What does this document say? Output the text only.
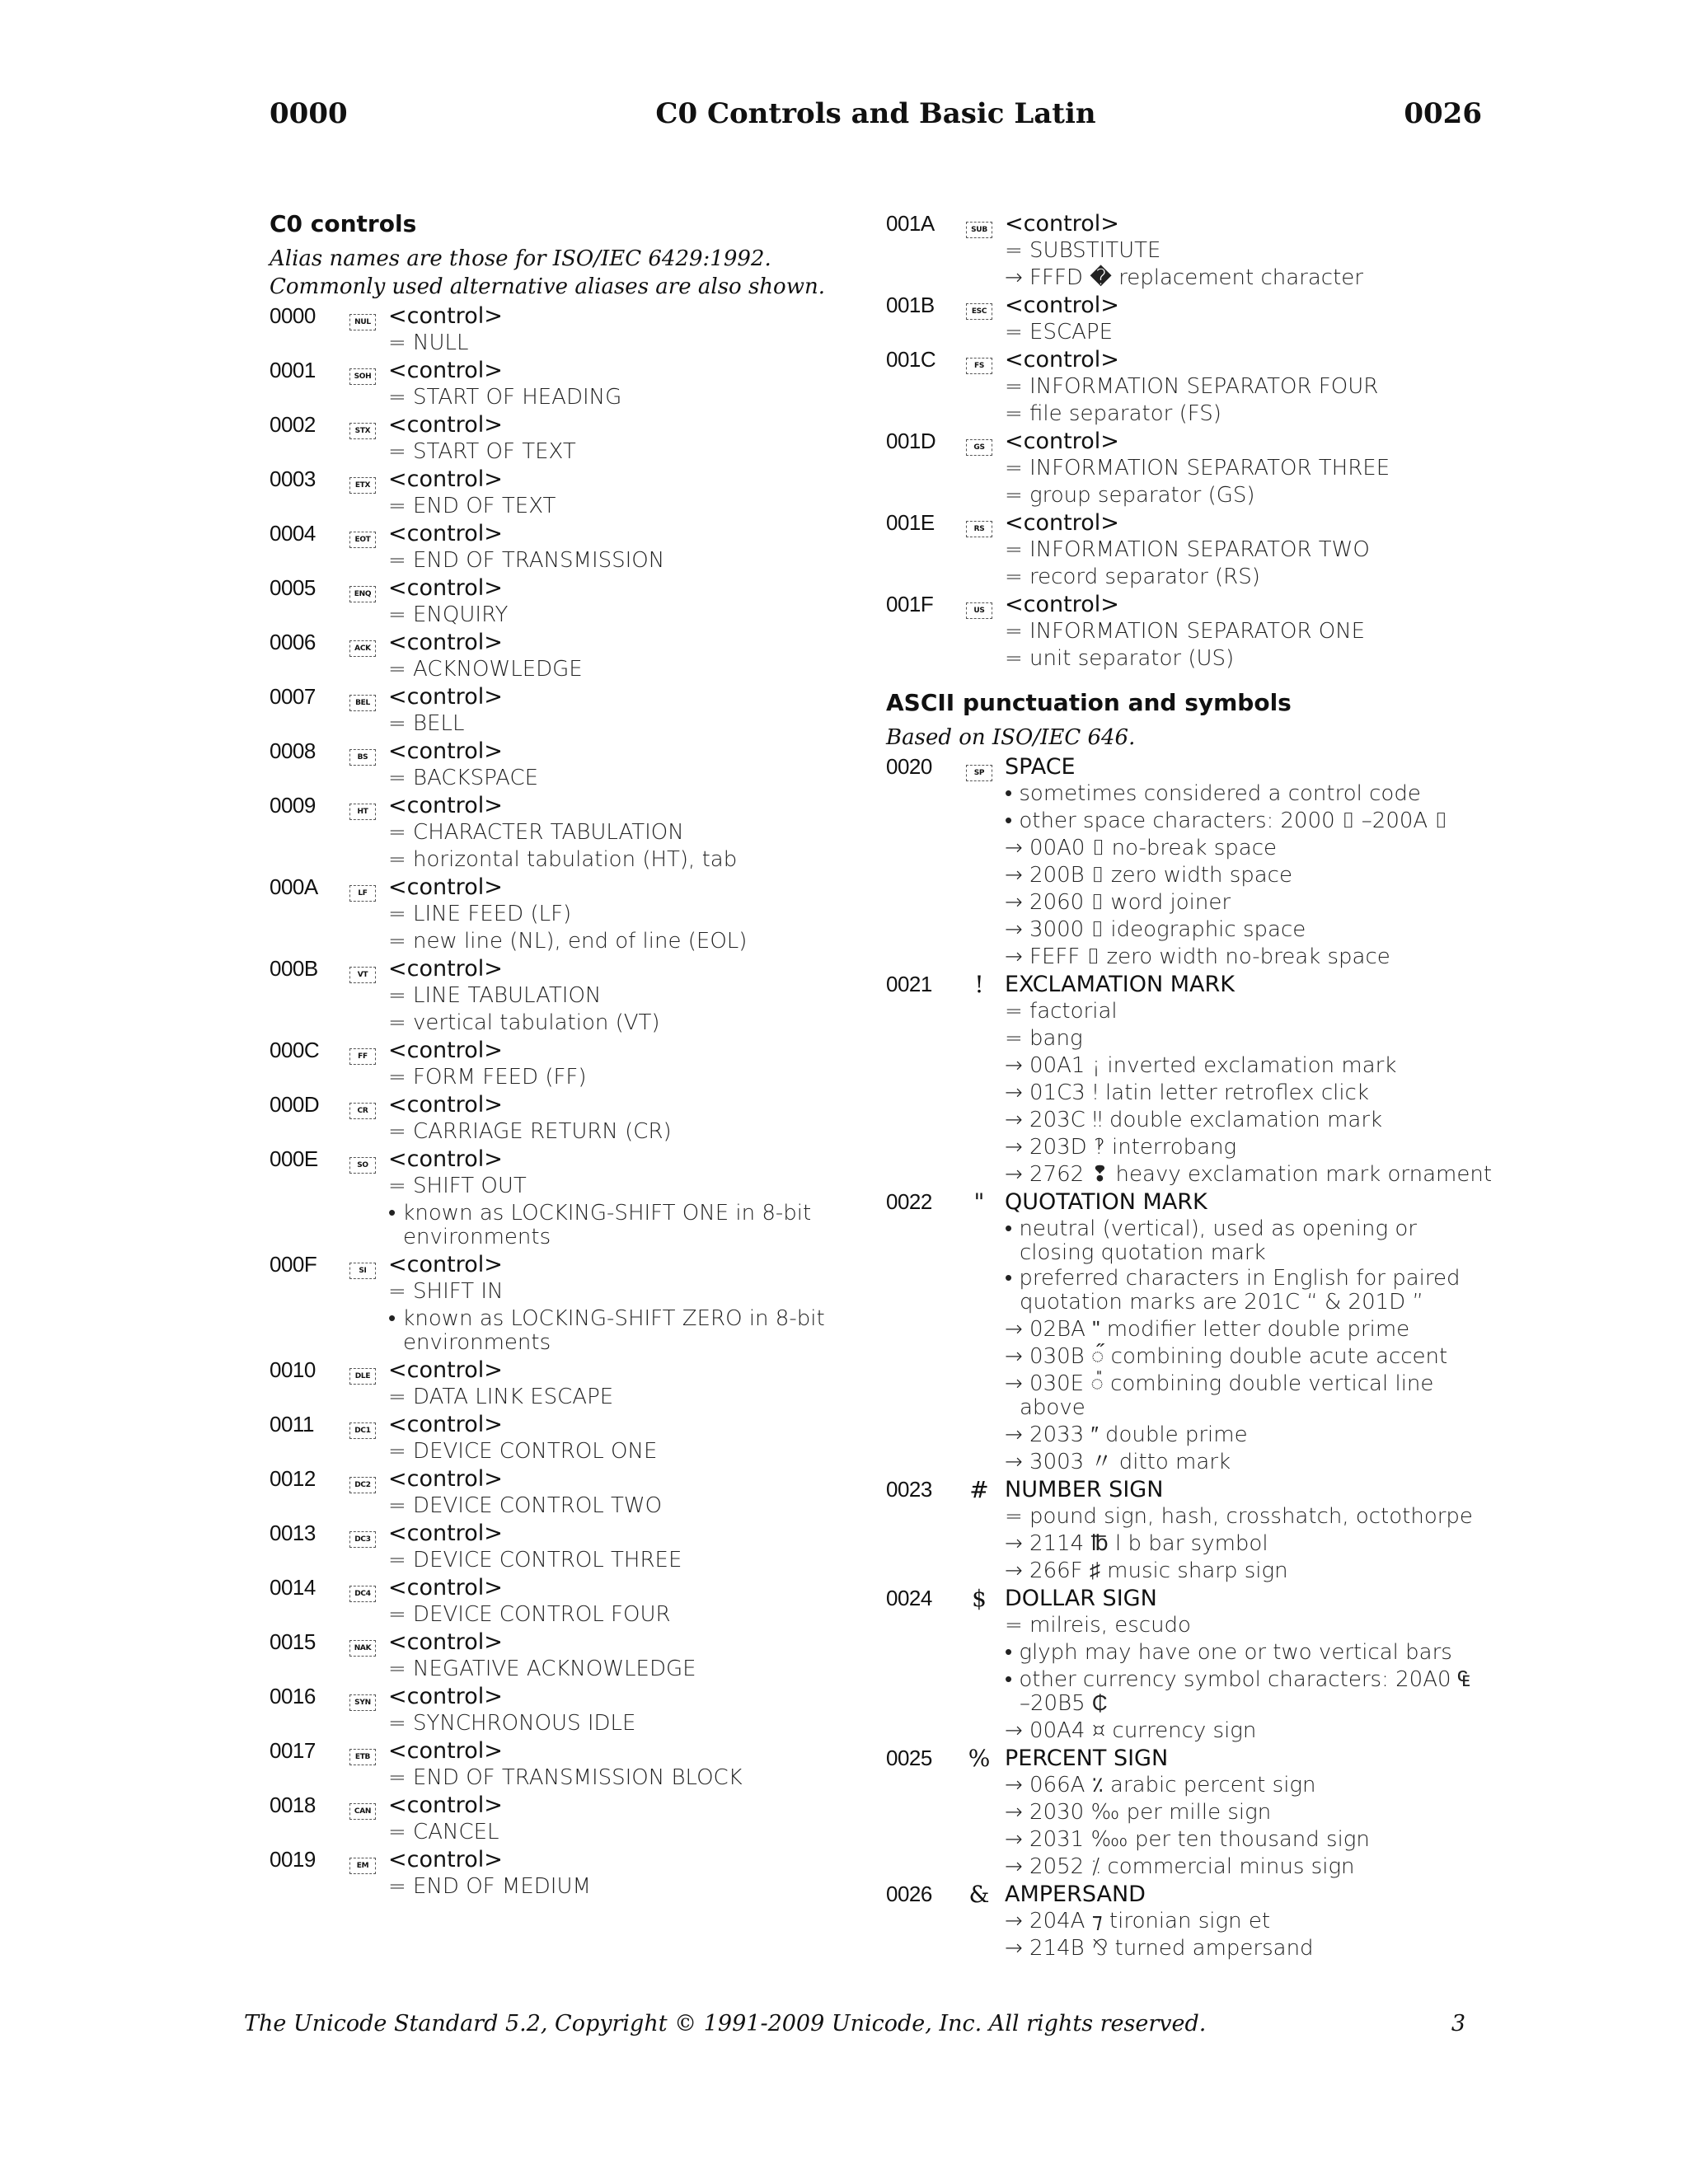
0000	C0 Controls and Basic Latin	0026
C0 controls
Alias names are those for ISO/IEC 6429:1992. Commonly used alternative aliases are also shown.
0000	NUL <control>
= NULL
0001	SOH <control>
= START OF HEADING
0002	STX <control>
= START OF TEXT
0003	ETX <control>
= END OF TEXT
0004	EOT <control>
= END OF TRANSMISSION
0005	ENQ <control>
= ENQUIRY
0006	ACK <control>
= ACKNOWLEDGE
0007	BEL <control>
= BELL
0008	BS <control>
= BACKSPACE
0009	HT <control>
= CHARACTER TABULATION
= horizontal tabulation (HT), tab
000A	LF <control>
= LINE FEED (LF)
= new line (NL), end of line (EOL)
000B	VT <control>
= LINE TABULATION
= vertical tabulation (VT)
000C	FF <control>
= FORM FEED (FF)
000D	CR <control>
= CARRIAGE RETURN (CR)
000E	SO <control>
= SHIFT OUT
• known as LOCKING-SHIFT ONE in 8-bit environments
000F	SI <control>
= SHIFT IN
• known as LOCKING-SHIFT ZERO in 8-bit environments
0010	DLE <control>
= DATA LINK ESCAPE
0011	DC1 <control>
= DEVICE CONTROL ONE
0012	DC2 <control>
= DEVICE CONTROL TWO
0013	DC3 <control>
= DEVICE CONTROL THREE
0014	DC4 <control>
= DEVICE CONTROL FOUR
0015	NAK <control>
= NEGATIVE ACKNOWLEDGE
0016	SYN <control>
= SYNCHRONOUS IDLE
0017	ETB <control>
= END OF TRANSMISSION BLOCK
0018	CAN <control>
= CANCEL
0019	EM <control>
= END OF MEDIUM
001A	SUB <control>
= SUBSTITUTE
→ FFFD � replacement character
001B	ESC <control>
= ESCAPE
001C	FS <control>
= INFORMATION SEPARATOR FOUR
= file separator (FS)
001D	GS <control>
= INFORMATION SEPARATOR THREE
= group separator (GS)
001E	RS <control>
= INFORMATION SEPARATOR TWO
= record separator (RS)
001F	US <control>
= INFORMATION SEPARATOR ONE
= unit separator (US)
ASCII punctuation and symbols
Based on ISO/IEC 646.
0020	SP SPACE
• sometimes considered a control code
• other space characters: 2000 ⌷ –200A ⌷
→ 00A0 ⌷ no-break space
→ 200B ⌷ zero width space
→ 2060 ⌷ word joiner
→ 3000 ⌷ ideographic space
→ FEFF ⌷ zero width no-break space
0021	! EXCLAMATION MARK
= factorial
= bang
→ 00A1 ¡ inverted exclamation mark
→ 01C3 ǃ latin letter retroflex click
→ 203C ‼ double exclamation mark
→ 203D ‽ interrobang
→ 2762 ❢ heavy exclamation mark ornament
0022	" QUOTATION MARK
• neutral (vertical), used as opening or closing quotation mark
• preferred characters in English for paired quotation marks are 201C “ & 201D ”
→ 02BA ʺ modifier letter double prime
→ 030B ◌̋ combining double acute accent
→ 030E ◌̎ combining double vertical line above
→ 2033 ″ double prime
→ 3003 〃 ditto mark
0023	# NUMBER SIGN
= pound sign, hash, crosshatch, octothorpe
→ 2114 ℔ l b bar symbol
→ 266F ♯ music sharp sign
0024	$ DOLLAR SIGN
= milreis, escudo
• glyph may have one or two vertical bars
• other currency symbol characters: 20A0 ₠ –20B5 ₵
→ 00A4 ¤ currency sign
0025	% PERCENT SIGN
→ 066A ٪ arabic percent sign
→ 2030 ‰ per mille sign
→ 2031 ‱ per ten thousand sign
→ 2052 ⁒ commercial minus sign
0026	& AMPERSAND
→ 204A ⁊ tironian sign et
→ 214B ⅋ turned ampersand
The Unicode Standard 5.2, Copyright © 1991-2009 Unicode, Inc. All rights reserved.	3
